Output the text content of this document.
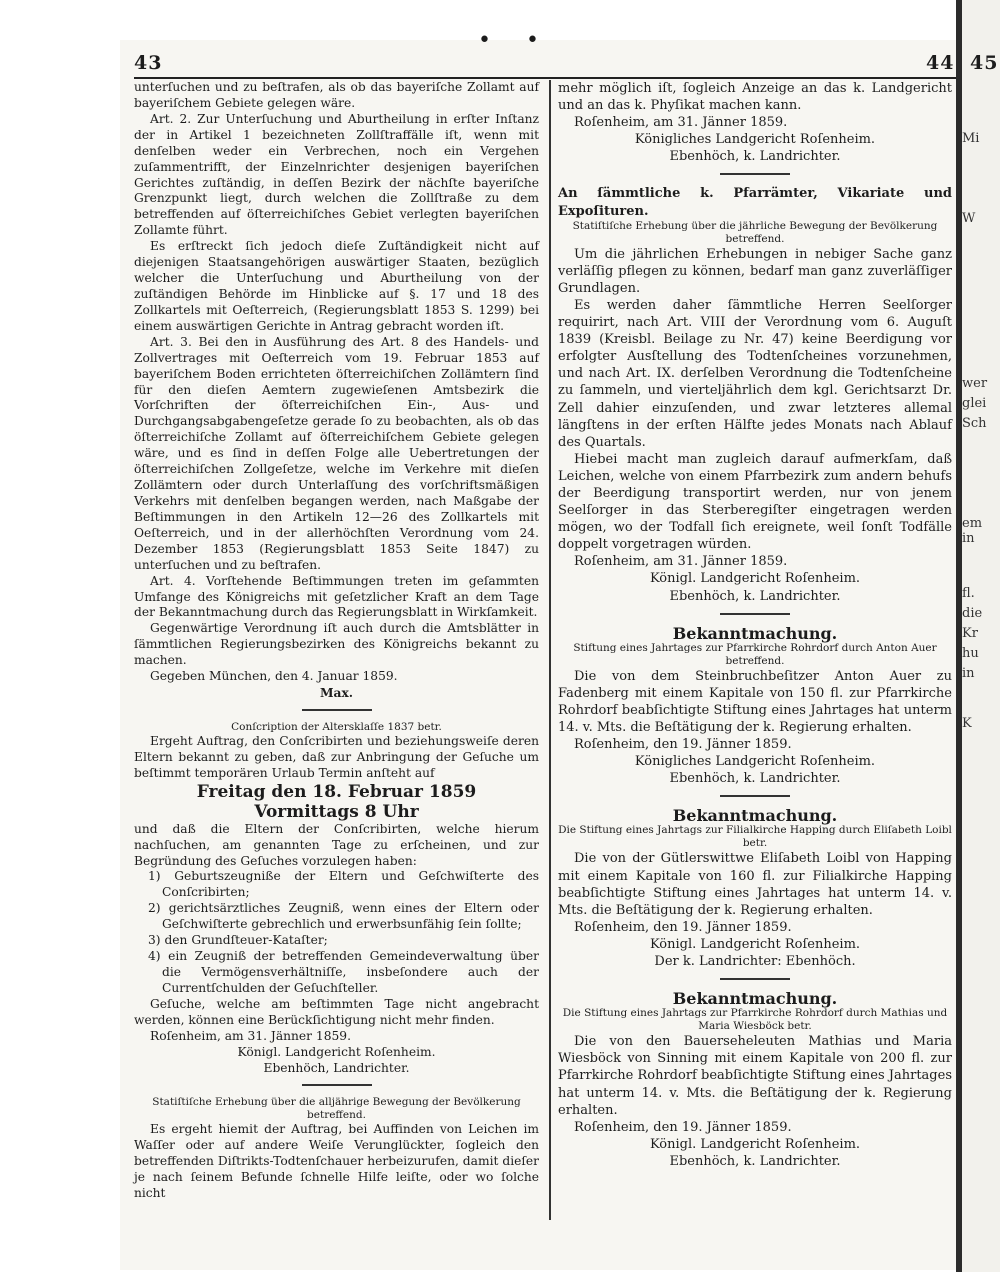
Mi
W
wer
glei
Sch
em
in
fl.
die
Kr
hu
in
K
• •
43	44 45

unterſuchen und zu beſtrafen, als ob das bayeriſche Zollamt auf bayeriſchem Gebiete gelegen wäre.

Art. 2. Zur Unterſuchung und Aburtheilung in erſter Inſtanz der in Artikel 1 bezeichneten Zollſtraffälle iſt, wenn mit denſelben weder ein Verbrechen, noch ein Vergehen zuſammentrifft, der Einzelnrichter desjenigen bayeriſchen Gerichtes zuſtändig, in deſſen Bezirk der nächſte bayeriſche Grenzpunkt liegt, durch welchen die Zollſtraße zu dem betreffenden auf öſterreichiſches Gebiet verlegten bayeriſchen Zollamte führt.

Es erſtreckt ſich jedoch dieſe Zuſtändigkeit nicht auf diejenigen Staatsangehörigen auswärtiger Staaten, bezüglich welcher die Unterſuchung und Aburtheilung von der zuſtändigen Behörde im Hinblicke auf §. 17 und 18 des Zollkartels mit Oeſterreich, (Regierungsblatt 1853 S. 1299) bei einem auswärtigen Gerichte in Antrag gebracht worden iſt.

Art. 3. Bei den in Ausführung des Art. 8 des Handels- und Zollvertrages mit Oeſterreich vom 19. Februar 1853 auf bayeriſchem Boden errichteten öſterreichiſchen Zollämtern ſind für den dieſen Aemtern zugewieſenen Amtsbezirk die Vorſchriften der öſterreichiſchen Ein-, Aus- und Durchgangsabgabengeſetze gerade ſo zu beobachten, als ob das öſterreichiſche Zollamt auf öſterreichiſchem Gebiete gelegen wäre, und es ſind in deſſen Folge alle Uebertretungen der öſterreichiſchen Zollgeſetze, welche im Verkehre mit dieſen Zollämtern oder durch Unterlaſſung des vorſchriftsmäßigen Verkehrs mit denſelben begangen werden, nach Maßgabe der Beſtimmungen in den Artikeln 12—26 des Zollkartels mit Oeſterreich, und in der allerhöchſten Verordnung vom 24. Dezember 1853 (Regierungsblatt 1853 Seite 1847) zu unterſuchen und zu beſtrafen.

Art. 4. Vorſtehende Beſtimmungen treten im geſammten Umfange des Königreichs mit geſetzlicher Kraft an dem Tage der Bekanntmachung durch das Regierungsblatt in Wirkſamkeit.

Gegenwärtige Verordnung iſt auch durch die Amtsblätter in ſämmtlichen Regierungsbezirken des Königreichs bekannt zu machen.

Gegeben München, den 4. Januar 1859.

Max.

Conſcription der Altersklaſſe 1837 betr.

Ergeht Auftrag, den Conſcribirten und beziehungsweiſe deren Eltern bekannt zu geben, daß zur Anbringung der Geſuche um beſtimmt temporären Urlaub Termin anſteht auf

Freitag den 18. Februar 1859

Vormittags 8 Uhr

und daß die Eltern der Conſcribirten, welche hierum nachſuchen, am genannten Tage zu erſcheinen, und zur Begründung des Geſuches vorzulegen haben:

1) Geburtszeugniße der Eltern und Geſchwiſterte des Conſcribirten;

2) gerichtsärztliches Zeugniß, wenn eines der Eltern oder Geſchwiſterte gebrechlich und erwerbsunfähig ſein ſollte;

3) den Grundſteuer-Kataſter;

4) ein Zeugniß der betreffenden Gemeindeverwaltung über die Vermögensverhältniſſe, insbeſondere auch der Currentſchulden der Geſuchſteller.

Geſuche, welche am beſtimmten Tage nicht angebracht werden, können eine Berückſichtigung nicht mehr finden.

Roſenheim, am 31. Jänner 1859.

Königl. Landgericht Roſenheim.

Ebenhöch, Landrichter.

Statiſtiſche Erhebung über die alljährige Bewegung der Bevölkerung betreffend.

Es ergeht hiemit der Auftrag, bei Auffinden von Leichen im Waſſer oder auf andere Weiſe Verunglückter, ſogleich den betreffenden Diſtrikts-Todtenſchauer herbeizurufen, damit dieſer je nach ſeinem Befunde ſchnelle Hilfe leiſte, oder wo ſolche nicht

mehr möglich iſt, ſogleich Anzeige an das k. Landgericht und an das k. Phyſikat machen kann.

Roſenheim, am 31. Jänner 1859.

Königliches Landgericht Roſenheim.

Ebenhöch, k. Landrichter.

An ſämmtliche k. Pfarrämter, Vikariate und Expoſituren.

Statiſtiſche Erhebung über die jährliche Bewegung der Bevölkerung betreffend.

Um die jährlichen Erhebungen in nebiger Sache ganz verläſſig pflegen zu können, bedarf man ganz zuverläſſiger Grundlagen.

Es werden daher ſämmtliche Herren Seelſorger requirirt, nach Art. VIII der Verordnung vom 6. Auguſt 1839 (Kreisbl. Beilage zu Nr. 47) keine Beerdigung vor erfolgter Ausſtellung des Todtenſcheines vorzunehmen, und nach Art. IX. derſelben Verordnung die Todtenſcheine zu ſammeln, und vierteljährlich dem kgl. Gerichtsarzt Dr. Zell dahier einzuſenden, und zwar letzteres allemal längſtens in der erſten Hälfte jedes Monats nach Ablauf des Quartals.

Hiebei macht man zugleich darauf aufmerkſam, daß Leichen, welche von einem Pfarrbezirk zum andern behufs der Beerdigung transportirt werden, nur von jenem Seelſorger in das Sterberegiſter eingetragen werden mögen, wo der Todfall ſich ereignete, weil ſonſt Todfälle doppelt vorgetragen würden.

Roſenheim, am 31. Jänner 1859.

Königl. Landgericht Roſenheim.

Ebenhöch, k. Landrichter.

Bekanntmachung.

Stiftung eines Jahrtages zur Pfarrkirche Rohrdorf durch Anton Auer betreffend.

Die von dem Steinbruchbeſitzer Anton Auer zu Fadenberg mit einem Kapitale von 150 fl. zur Pfarrkirche Rohrdorf beabſichtigte Stiftung eines Jahrtages hat unterm 14. v. Mts. die Beſtätigung der k. Regierung erhalten.

Roſenheim, den 19. Jänner 1859.

Königliches Landgericht Roſenheim.

Ebenhöch, k. Landrichter.

Bekanntmachung.

Die Stiftung eines Jahrtags zur Filialkirche Happing durch Eliſabeth Loibl betr.

Die von der Gütlerswittwe Eliſabeth Loibl von Happing mit einem Kapitale von 160 fl. zur Filialkirche Happing beabſichtigte Stiftung eines Jahrtages hat unterm 14. v. Mts. die Beſtätigung der k. Regierung erhalten.

Roſenheim, den 19. Jänner 1859.

Königl. Landgericht Roſenheim.

Der k. Landrichter: Ebenhöch.

Bekanntmachung.

Die Stiftung eines Jahrtags zur Pfarrkirche Rohrdorf durch Mathias und Maria Wiesböck betr.

Die von den Bauerseheleuten Mathias und Maria Wiesböck von Sinning mit einem Kapitale von 200 fl. zur Pfarrkirche Rohrdorf beabſichtigte Stiftung eines Jahrtages hat unterm 14. v. Mts. die Beſtätigung der k. Regierung erhalten.

Roſenheim, den 19. Jänner 1859.

Königl. Landgericht Roſenheim.

Ebenhöch, k. Landrichter.
